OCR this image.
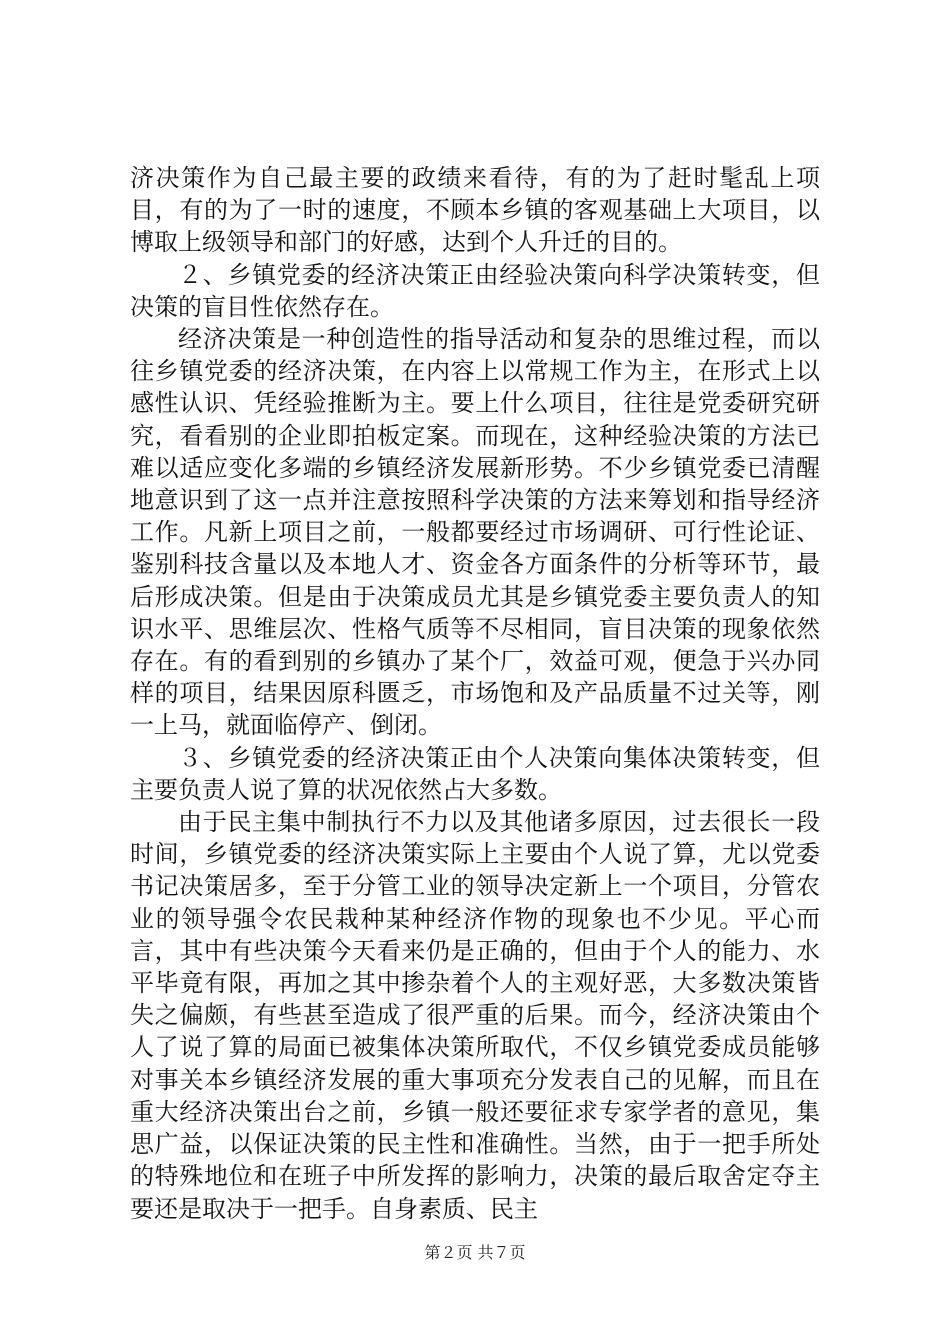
济决策作为自己最主要的政绩来看待，有的为了赶时髦乱上项目，有的为了一时的速度，不顾本乡镇的客观基础上大项目，以博取上级领导和部门的好感，达到个人升迁的目的。

２、乡镇党委的经济决策正由经验决策向科学决策转变，但决策的盲目性依然存在。

经济决策是一种创造性的指导活动和复杂的思维过程，而以往乡镇党委的经济决策，在内容上以常规工作为主，在形式上以感性认识、凭经验推断为主。要上什么项目，往往是党委研究研究，看看别的企业即拍板定案。而现在，这种经验决策的方法已难以适应变化多端的乡镇经济发展新形势。不少乡镇党委已清醒地意识到了这一点并注意按照科学决策的方法来筹划和指导经济工作。凡新上项目之前，一般都要经过市场调研、可行性论证、鉴别科技含量以及本地人才、资金各方面条件的分析等环节，最后形成决策。但是由于决策成员尤其是乡镇党委主要负责人的知识水平、思维层次、性格气质等不尽相同，盲目决策的现象依然存在。有的看到别的乡镇办了某个厂，效益可观，便急于兴办同样的项目，结果因原科匮乏，市场饱和及产品质量不过关等，刚一上马，就面临停产、倒闭。

３、乡镇党委的经济决策正由个人决策向集体决策转变，但主要负责人说了算的状况依然占大多数。

由于民主集中制执行不力以及其他诸多原因，过去很长一段时间，乡镇党委的经济决策实际上主要由个人说了算，尤以党委书记决策居多，至于分管工业的领导决定新上一个项目，分管农业的领导强令农民栽种某种经济作物的现象也不少见。平心而言，其中有些决策今天看来仍是正确的，但由于个人的能力、水平毕竟有限，再加之其中掺杂着个人的主观好恶，大多数决策皆失之偏颇，有些甚至造成了很严重的后果。而今，经济决策由个人了说了算的局面已被集体决策所取代，不仅乡镇党委成员能够对事关本乡镇经济发展的重大事项充分发表自己的见解，而且在重大经济决策出台之前，乡镇一般还要征求专家学者的意见，集思广益，以保证决策的民主性和准确性。当然，由于一把手所处的特殊地位和在班子中所发挥的影响力，决策的最后取舍定夺主要还是取决于一把手。自身素质、民主

第２页 共７页
